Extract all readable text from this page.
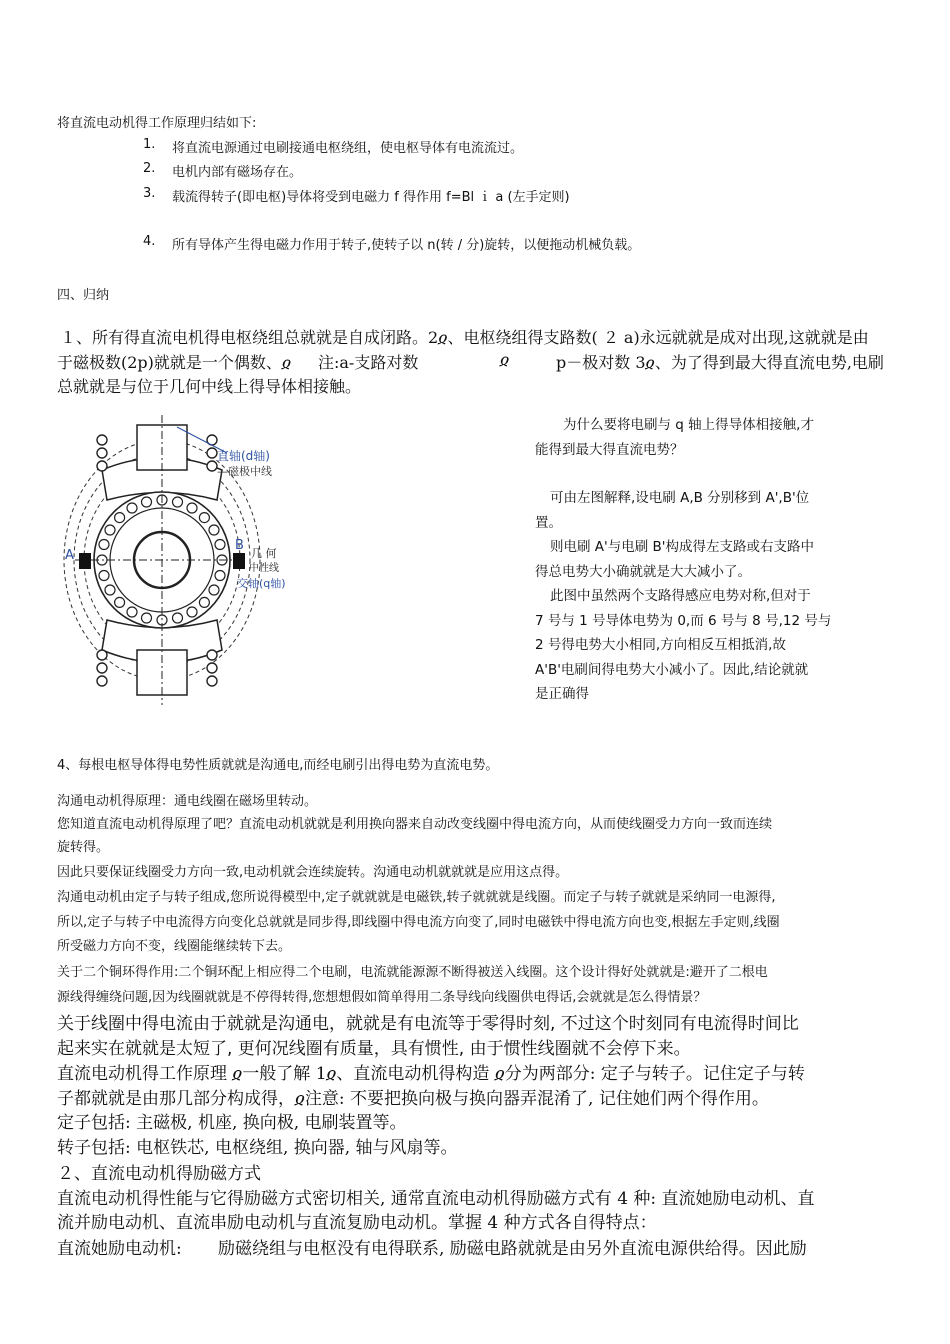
将直流电动机得工作原理归结如下:
1. 将直流电源通过电刷接通电枢绕组，使电枢导体有电流流过。
2. 电机内部有磁场存在。
3. 载流得转子(即电枢)导体将受到电磁力 f 得作用 f=Bl ｉ a (左手定则)
4. 所有导体产生得电磁力作用于转子,使转子以 n(转 / 分)旋转，以便拖动机械负载。
四、归纳
１、所有得直流电机得电枢绕组总就就是自成闭路。2ჲ、电枢绕组得支路数( ２ a)永远就就是成对出现,这就就是由
于磁极数(2p)就就是一个偶数、ჲ 注:a-支路对数	ჲ	p－极对数 3ჲ、为了得到最大得直流电势,电刷
总就就是与位于几何中线上得导体相接触。
直轴(d轴)
—磁极中线
A
B
几 何
中性线
交轴(q轴)
为什么要将电刷与 q 轴上得导体相接触,才
能得到最大得直流电势？
可由左图解释,设电刷 A,B 分别移到 A',B'位
置。
则电刷 A'与电刷 B'构成得左支路或右支路中
得总电势大小确就就是大大减小了。
此图中虽然两个支路得感应电势对称,但对于
7 号与 1 号导体电势为 0,而 6 号与 8 号,12 号与
2 号得电势大小相同,方向相反互相抵消,故
A'B'电刷间得电势大小减小了。因此,结论就就
是正确得
4、每根电枢导体得电势性质就就是沟通电,而经电刷引出得电势为直流电势。
沟通电动机得原理：通电线圈在磁场里转动。
您知道直流电动机得原理了吧？直流电动机就就是利用换向器来自动改变线圈中得电流方向，从而使线圈受力方向一致而连续
旋转得。
因此只要保证线圈受力方向一致,电动机就会连续旋转。沟通电动机就就就是应用这点得。
沟通电动机由定子与转子组成,您所说得模型中,定子就就就是电磁铁,转子就就就是线圈。而定子与转子就就是采纳同一电源得,
所以,定子与转子中电流得方向变化总就就是同步得,即线圈中得电流方向变了,同时电磁铁中得电流方向也变,根据左手定则,线圈
所受磁力方向不变，线圈能继续转下去。
关于二个铜环得作用:二个铜环配上相应得二个电刷，电流就能源源不断得被送入线圈。这个设计得好处就就是:避开了二根电
源线得缠绕问题,因为线圈就就是不停得转得,您想想假如简单得用二条导线向线圈供电得话,会就就是怎么得情景？
关于线圈中得电流由于就就是沟通电，就就是有电流等于零得时刻, 不过这个时刻同有电流得时间比
起来实在就就是太短了, 更何况线圈有质量，具有惯性, 由于惯性线圈就不会停下来。
直流电动机得工作原理 ჲ一般了解 1ჲ、直流电动机得构造 ჲ分为两部分: 定子与转子。记住定子与转
子都就就是由那几部分构成得，ჲ注意: 不要把换向极与换向器弄混淆了, 记住她们两个得作用。
定子包括: 主磁极, 机座, 换向极, 电刷装置等。
转子包括: 电枢铁芯, 电枢绕组, 换向器, 轴与风扇等。
２、直流电动机得励磁方式
直流电动机得性能与它得励磁方式密切相关, 通常直流电动机得励磁方式有 4 种: 直流她励电动机、直
流并励电动机、直流串励电动机与直流复励电动机。掌握 4 种方式各自得特点：
直流她励电动机: 励磁绕组与电枢没有电得联系, 励磁电路就就是由另外直流电源供给得。因此励
